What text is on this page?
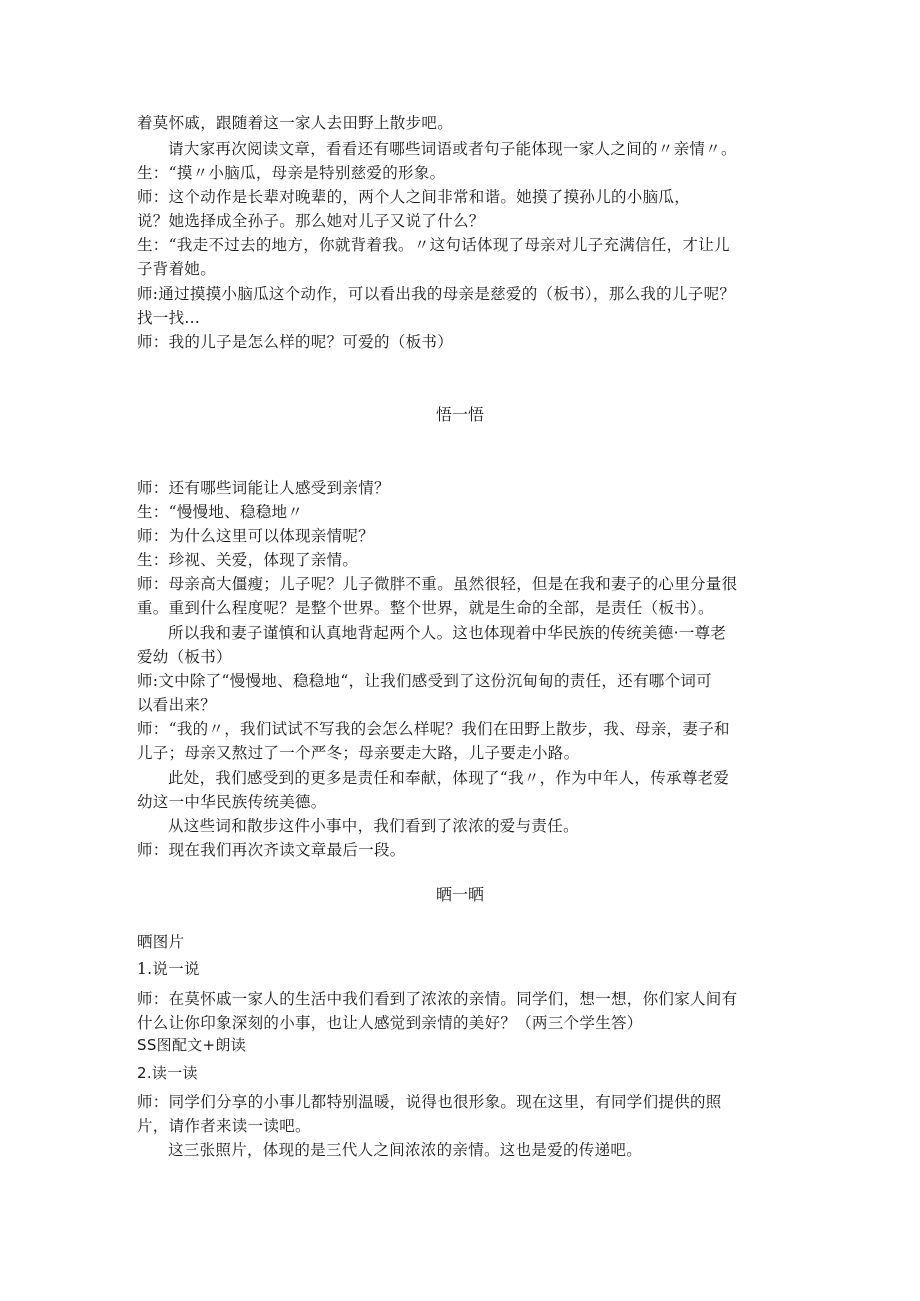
着莫怀戚，跟随着这一家人去田野上散步吧。
请大家再次阅读文章，看看还有哪些词语或者句子能体现一家人之间的〃亲情〃。
生：“摸〃小脑瓜，母亲是特别慈爱的形象。
师：这个动作是长辈对晚辈的，两个人之间非常和谐。她摸了摸孙儿的小脑瓜，
说？她选择成全孙子。那么她对儿子又说了什么？
生：“我走不过去的地方，你就背着我。〃这句话体现了母亲对儿子充满信任，才让儿
子背着她。
师:通过摸摸小脑瓜这个动作，可以看出我的母亲是慈爱的（板书），那么我的儿子呢？
找一找...
师：我的儿子是怎么样的呢？可爱的（板书）
悟一悟
师：还有哪些词能让人感受到亲情？
生：“慢慢地、稳稳地〃
师：为什么这里可以体现亲情呢？
生：珍视、关爱，体现了亲情。
师：母亲高大僵瘦；儿子呢？儿子微胖不重。虽然很轻，但是在我和妻子的心里分量很
重。重到什么程度呢？是整个世界。整个世界，就是生命的全部，是责任（板书）。
所以我和妻子谨慎和认真地背起两个人。这也体现着中华民族的传统美德·一尊老
爱幼（板书）
师:文中除了“慢慢地、稳稳地“，让我们感受到了这份沉甸甸的责任，还有哪个词可
以看出来？
师：“我的〃，我们试试不写我的会怎么样呢？我们在田野上散步，我、母亲，妻子和
儿子；母亲又熬过了一个严冬；母亲要走大路，儿子要走小路。
此处，我们感受到的更多是责任和奉献，体现了“我〃，作为中年人，传承尊老爱
幼这一中华民族传统美德。
从这些词和散步这件小事中，我们看到了浓浓的爱与责任。
师：现在我们再次齐读文章最后一段。
晒一晒
晒图片
1.说一说
师：在莫怀戚一家人的生活中我们看到了浓浓的亲情。同学们，想一想，你们家人间有
什么让你印象深刻的小事，也让人感觉到亲情的美好？（两三个学生答）
SS图配文+朗读
2.读一读
师：同学们分享的小事儿都特别温暖，说得也很形象。现在这里，有同学们提供的照
片，请作者来读一读吧。
这三张照片，体现的是三代人之间浓浓的亲情。这也是爱的传递吧。
